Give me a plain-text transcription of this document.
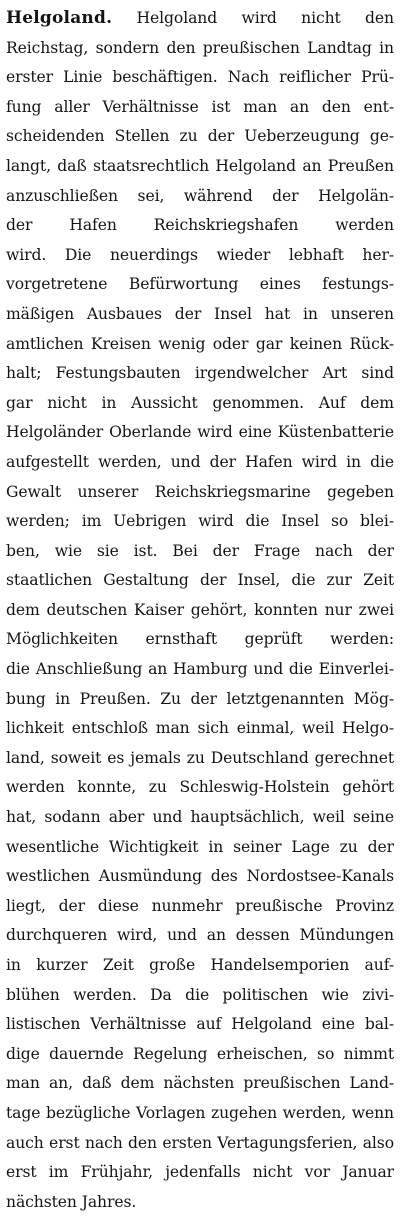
Helgoland. Helgoland wird nicht den
Reichstag, sondern den preußischen Landtag in
erster Linie beschäftigen. Nach reiflicher Prü-
fung aller Verhältnisse ist man an den ent-
scheidenden Stellen zu der Ueberzeugung ge-
langt, daß staatsrechtlich Helgoland an Preußen
anzuschließen sei, während der Helgolän-
der Hafen Reichskriegshafen werden
wird. Die neuerdings wieder lebhaft her-
vorgetretene Befürwortung eines festungs-
mäßigen Ausbaues der Insel hat in unseren
amtlichen Kreisen wenig oder gar keinen Rück-
halt; Festungsbauten irgendwelcher Art sind
gar nicht in Aussicht genommen. Auf dem
Helgoländer Oberlande wird eine Küstenbatterie
aufgestellt werden, und der Hafen wird in die
Gewalt unserer Reichskriegsmarine gegeben
werden; im Uebrigen wird die Insel so blei-
ben, wie sie ist. Bei der Frage nach der
staatlichen Gestaltung der Insel, die zur Zeit
dem deutschen Kaiser gehört, konnten nur zwei
Möglichkeiten ernsthaft geprüft werden:
die Anschließung an Hamburg und die Einverlei-
bung in Preußen. Zu der letztgenannten Mög-
lichkeit entschloß man sich einmal, weil Helgo-
land, soweit es jemals zu Deutschland gerechnet
werden konnte, zu Schleswig-Holstein gehört
hat, sodann aber und hauptsächlich, weil seine
wesentliche Wichtigkeit in seiner Lage zu der
westlichen Ausmündung des Nordostsee-Kanals
liegt, der diese nunmehr preußische Provinz
durchqueren wird, und an dessen Mündungen
in kurzer Zeit große Handelsemporien auf-
blühen werden. Da die politischen wie zivi-
listischen Verhältnisse auf Helgoland eine bal-
dige dauernde Regelung erheischen, so nimmt
man an, daß dem nächsten preußischen Land-
tage bezügliche Vorlagen zugehen werden, wenn
auch erst nach den ersten Vertagungsferien, also
erst im Frühjahr, jedenfalls nicht vor Januar
nächsten Jahres.
